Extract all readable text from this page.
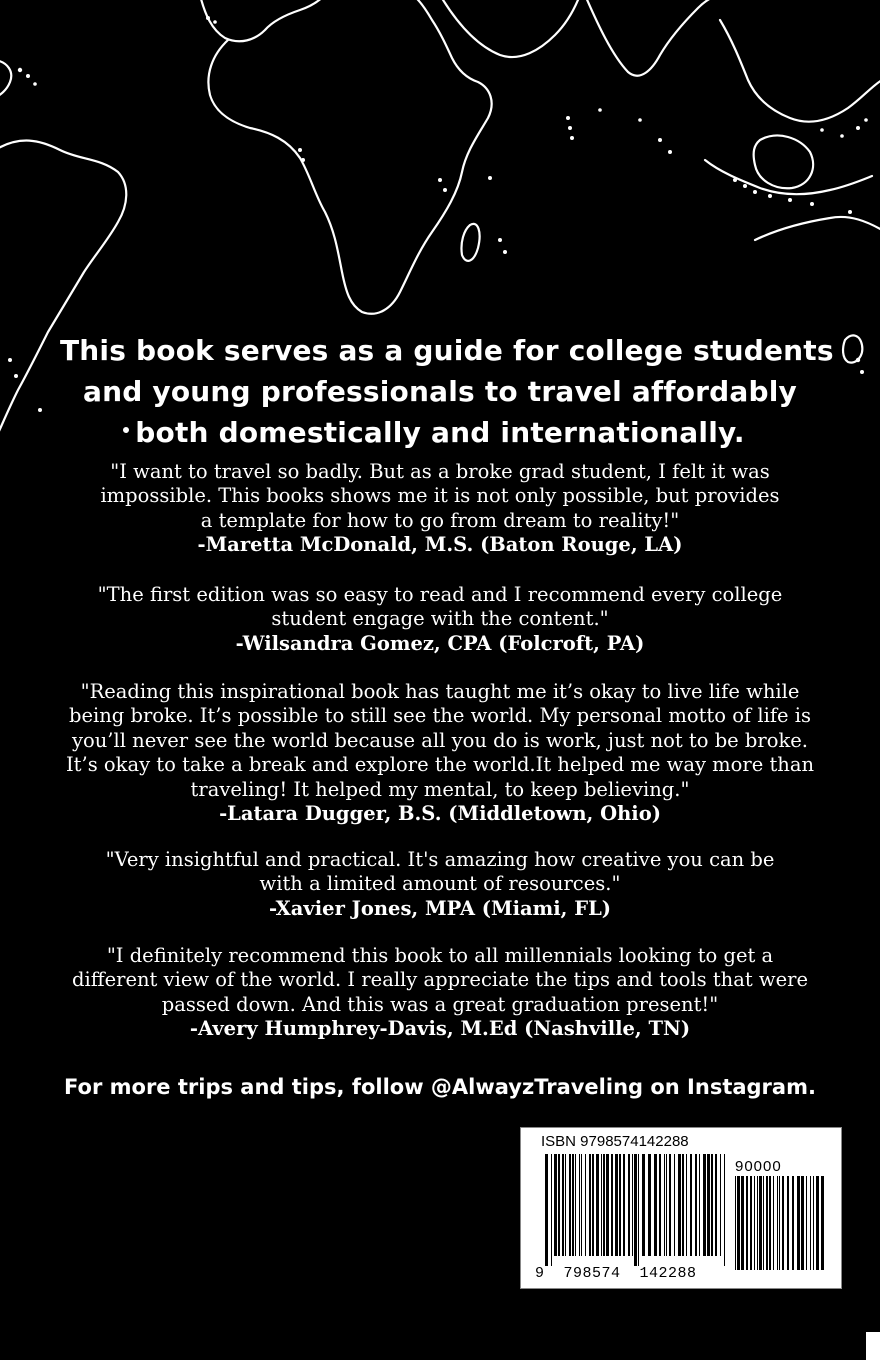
This book serves as a guide for college students
and young professionals to travel affordably
both domestically and internationally.
"I want to travel so badly. But as a broke grad student, I felt it was
impossible. This books shows me it is not only possible, but provides
a template for how to go from dream to reality!"
-Maretta McDonald, M.S. (Baton Rouge, LA)
"The first edition was so easy to read and I recommend every college
student engage with the content."
-Wilsandra Gomez, CPA (Folcroft, PA)
"Reading this inspirational book has taught me it’s okay to live life while
being broke. It’s possible to still see the world. My personal motto of life is
you’ll never see the world because all you do is work, just not to be broke.
It’s okay to take a break and explore the world.It helped me way more than
traveling! It helped my mental, to keep believing."
-Latara Dugger, B.S. (Middletown, Ohio)
"Very insightful and practical. It's amazing how creative you can be
with a limited amount of resources."
-Xavier Jones, MPA (Miami, FL)
"I definitely recommend this book to all millennials looking to get a
different view of the world. I really appreciate the tips and tools that were
passed down. And this was a great graduation present!"
-Avery Humphrey-Davis, M.Ed (Nashville, TN)
For more trips and tips, follow @AlwayzTraveling on Instagram.
ISBN 9798574142288
90000
9  798574  142288
